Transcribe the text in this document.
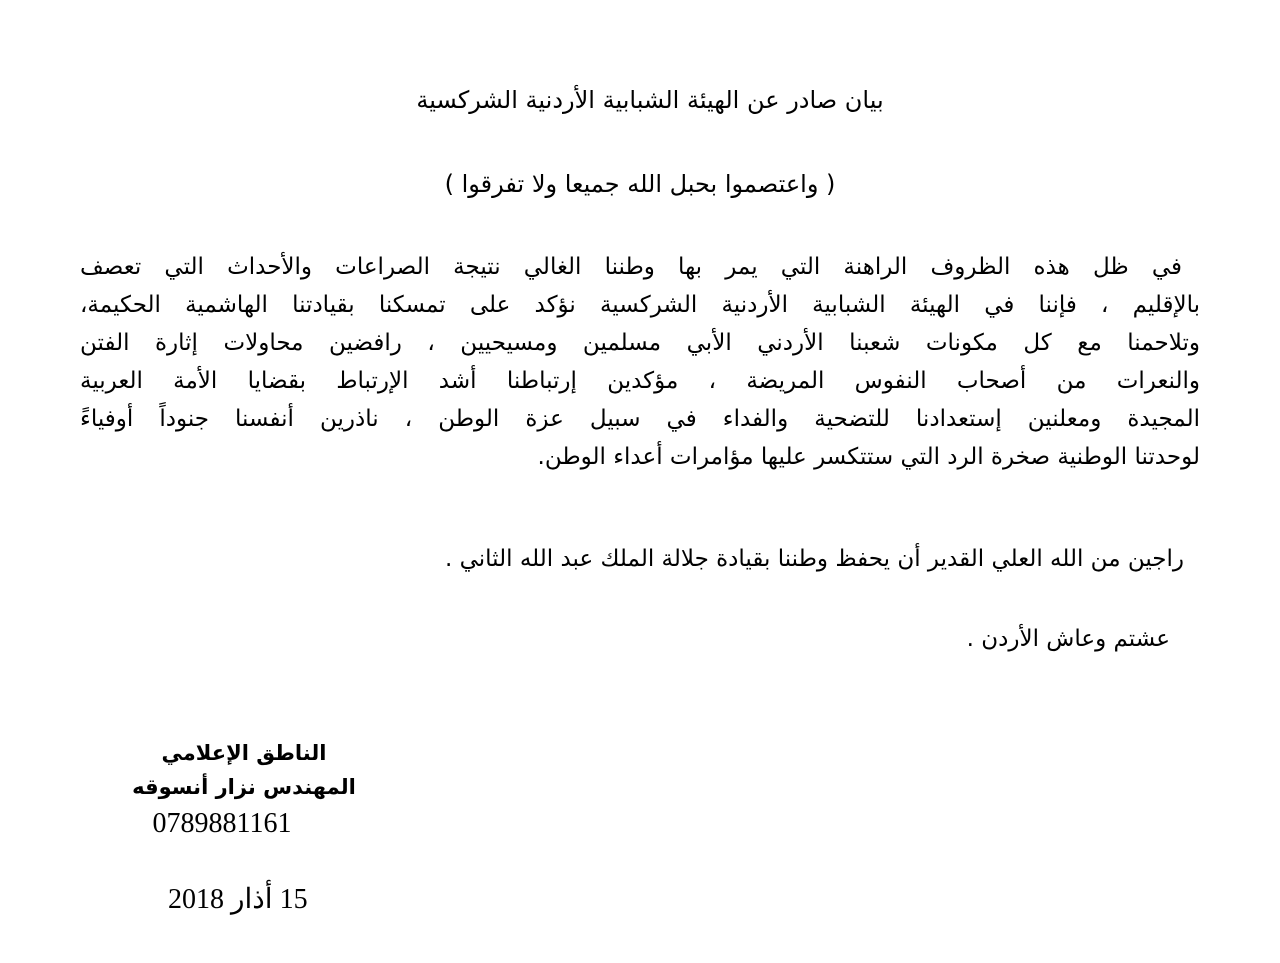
بيان صادر عن الهيئة الشبابية الأردنية الشركسية
( واعتصموا بحبل الله جميعا ولا تفرقوا )
في ظل هذه الظروف الراهنة التي يمر بها وطننا الغالي نتيجة الصراعات والأحداث التي تعصف
بالإقليم ، فإننا في الهيئة الشبابية الأردنية الشركسية نؤكد على تمسكنا بقيادتنا الهاشمية الحكيمة،
وتلاحمنا مع كل مكونات شعبنا الأردني الأبي مسلمين ومسيحيين ، رافضين محاولات إثارة الفتن
والنعرات من أصحاب النفوس المريضة ، مؤكدين إرتباطنا أشد الإرتباط بقضايا الأمة العربية
المجيدة ومعلنين إستعدادنا للتضحية والفداء في سبيل عزة الوطن ، ناذرين أنفسنا جنوداً أوفياءً
لوحدتنا الوطنية صخرة الرد التي ستتكسر عليها مؤامرات أعداء الوطن.
راجين من الله العلي القدير أن يحفظ وطننا بقيادة جلالة الملك عبد الله الثاني .
عشتم وعاش الأردن .
الناطق الإعلامي
المهندس نزار أنسوقه
0789881161
15 أذار 2018
